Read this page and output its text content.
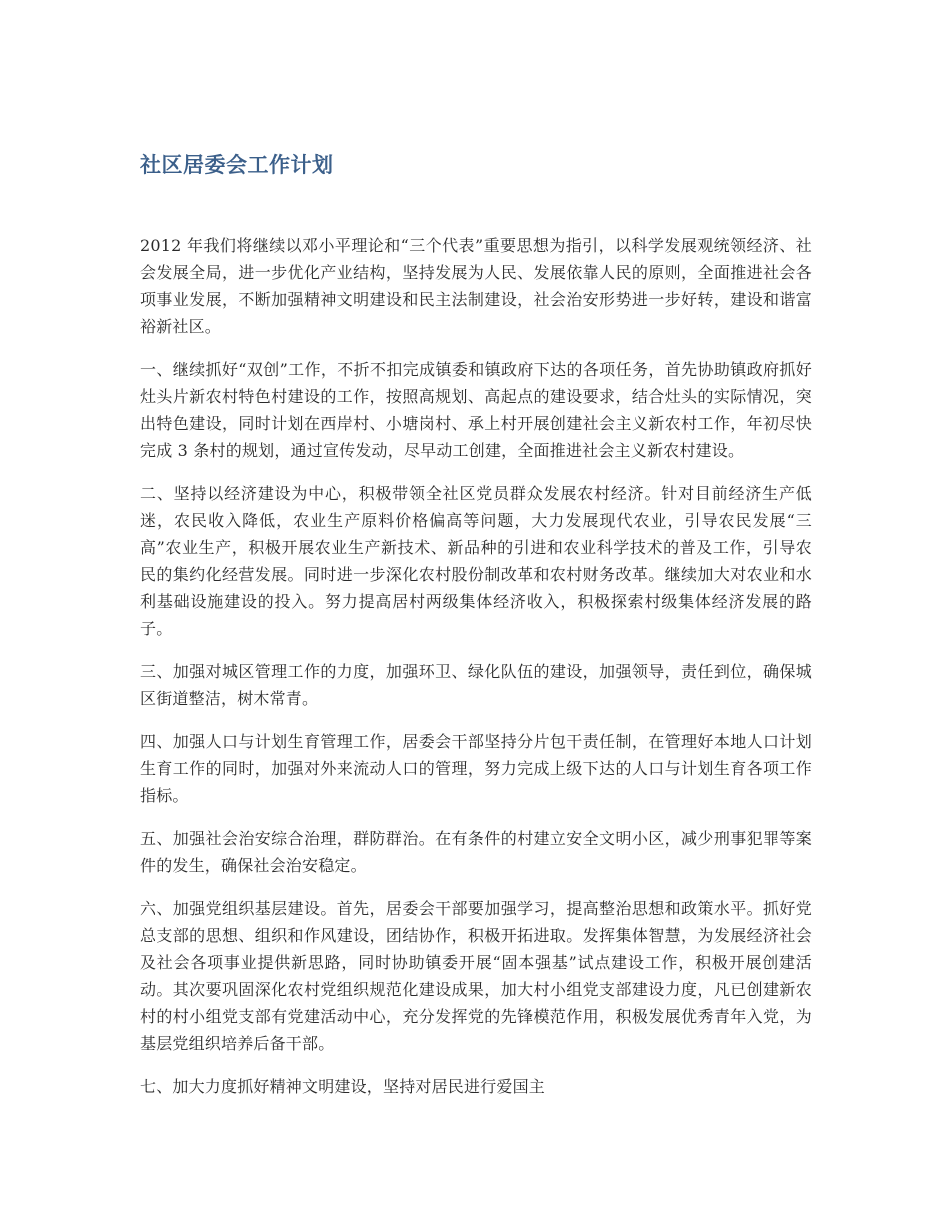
社区居委会工作计划

2012 年我们将继续以邓小平理论和“三个代表”重要思想为指引，以科学发展观统领经济、社会发展全局，进一步优化产业结构，坚持发展为人民、发展依靠人民的原则，全面推进社会各项事业发展，不断加强精神文明建设和民主法制建设，社会治安形势进一步好转，建设和谐富裕新社区。

一、继续抓好“双创”工作，不折不扣完成镇委和镇政府下达的各项任务，首先协助镇政府抓好灶头片新农村特色村建设的工作，按照高规划、高起点的建设要求，结合灶头的实际情况，突出特色建设，同时计划在西岸村、小塘岗村、承上村开展创建社会主义新农村工作，年初尽快完成 3 条村的规划，通过宣传发动，尽早动工创建，全面推进社会主义新农村建设。

二、坚持以经济建设为中心，积极带领全社区党员群众发展农村经济。针对目前经济生产低迷，农民收入降低，农业生产原料价格偏高等问题，大力发展现代农业，引导农民发展“三高”农业生产，积极开展农业生产新技术、新品种的引进和农业科学技术的普及工作，引导农民的集约化经营发展。同时进一步深化农村股份制改革和农村财务改革。继续加大对农业和水利基础设施建设的投入。努力提高居村两级集体经济收入，积极探索村级集体经济发展的路子。

三、加强对城区管理工作的力度，加强环卫、绿化队伍的建设，加强领导，责任到位，确保城区街道整洁，树木常青。

四、加强人口与计划生育管理工作，居委会干部坚持分片包干责任制，在管理好本地人口计划生育工作的同时，加强对外来流动人口的管理，努力完成上级下达的人口与计划生育各项工作指标。

五、加强社会治安综合治理，群防群治。在有条件的村建立安全文明小区，减少刑事犯罪等案件的发生，确保社会治安稳定。

六、加强党组织基层建设。首先，居委会干部要加强学习，提高整治思想和政策水平。抓好党总支部的思想、组织和作风建设，团结协作，积极开拓进取。发挥集体智慧，为发展经济社会及社会各项事业提供新思路，同时协助镇委开展“固本强基”试点建设工作，积极开展创建活动。其次要巩固深化农村党组织规范化建设成果，加大村小组党支部建设力度，凡已创建新农村的村小组党支部有党建活动中心，充分发挥党的先锋模范作用，积极发展优秀青年入党，为基层党组织培养后备干部。

七、加大力度抓好精神文明建设，坚持对居民进行爱国主
